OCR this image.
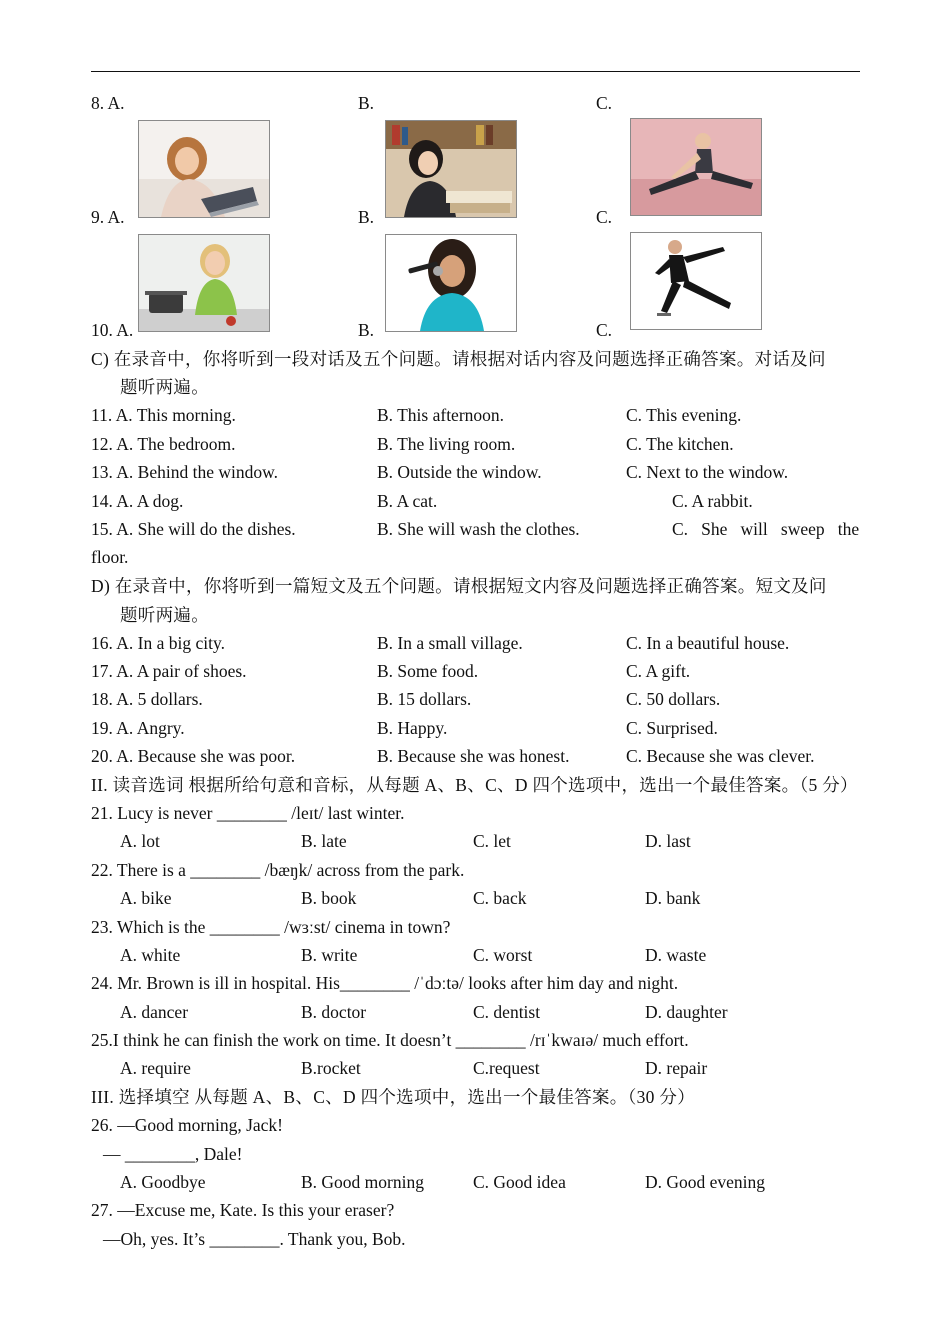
8. A.	B.	C.
9. A.	B.	C.
10. A.	B.	C.
C) 在录音中，你将听到一段对话及五个问题。请根据对话内容及问题选择正确答案。对话及问
题听两遍。
11. A. This morning.	B. This afternoon.	C. This evening.
12. A. The bedroom.	B. The living room.	C. The kitchen.
13. A. Behind the window.	B. Outside the window.	C. Next to the window.
14. A. A dog.	B. A cat.	C. A rabbit.
15. A. She will do the dishes.	B. She will wash the clothes.	C.   She   will   sweep   the
floor.
D) 在录音中，你将听到一篇短文及五个问题。请根据短文内容及问题选择正确答案。短文及问
题听两遍。
16. A. In a big city.	B. In a small village.	C. In a beautiful house.
17. A. A pair of shoes.	B. Some food.	C. A gift.
18. A. 5 dollars.	B. 15 dollars.	C. 50 dollars.
19. A. Angry.	B. Happy.	C. Surprised.
20. A. Because she was poor.	B. Because she was honest.	C. Because she was clever.
II. 读音选词 根据所给句意和音标，从每题 A、B、C、D 四个选项中，选出一个最佳答案。（5 分）
21. Lucy is never ________ /leɪt/ last winter.
A. lot	B. late	C. let	D. last
22. There is a ________ /bæŋk/ across from the park.
A. bike	B. book	C. back	D. bank
23. Which is the ________ /wɜːst/ cinema in town?
A. white	B. write	C. worst	D. waste
24. Mr. Brown is ill in hospital. His________ /ˈdɔːtə/ looks after him day and night.
A. dancer	B. doctor	C. dentist	D. daughter
25.I think he can finish the work on time. It doesn’t ________ /rɪˈkwaɪə/ much effort.
A. require	B.rocket	C.request	D. repair
III. 选择填空 从每题 A、B、C、D 四个选项中，选出一个最佳答案。（30 分）
26. —Good morning, Jack!
— ________, Dale!
A. Goodbye	B. Good morning	C. Good idea	D. Good evening
27. —Excuse me, Kate. Is this your eraser?
—Oh, yes. It’s ________. Thank you, Bob.
